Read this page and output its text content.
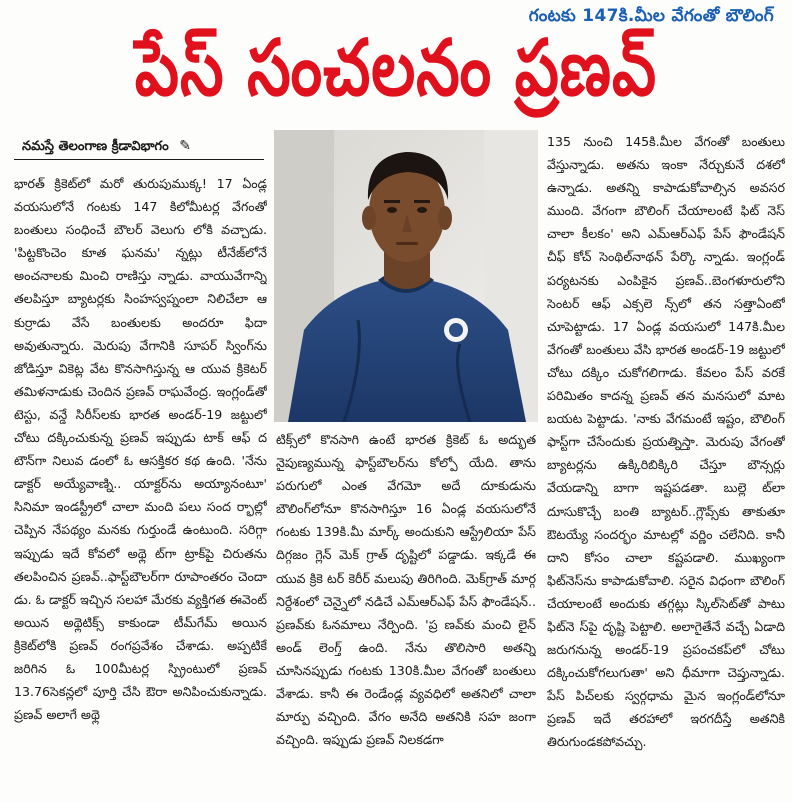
గంటకు 147కి.మీల వేగంతో బౌలింగ్
పేస్ సంచలనం ప్రణవ్
నమస్తే తెలంగాణ క్రీడావిభాగం ✎

భారత్ క్రికెట్‌లో మరో తురుపుముక్క! 17 ఏండ్ల వయసులోనే గంటకు 147 కిలోమీటర్ల వేగంతో బంతులు సంధించే బౌలర్ వెలుగు లోకి వచ్చాడు. 'పిట్టకొంచెం కూత ఘనమ' న్నట్లు టీనేజ్‌లోనే అంచనాలకు మించి రాణిస్తు న్నాడు. వాయువేగాన్ని తలపిస్తూ బ్యాటర్లకు సింహస్వప్నంలా నిలిచేలా ఆ కుర్రాడు వేసే బంతులకు అందరూ ఫిదా అవుతున్నారు. మెరుపు వేగానికి సూపర్ స్వింగ్‌ను జోడిస్తూ వికెట్ల వేట కొనసాగిస్తున్న ఆ యువ క్రికెటర్ తమిళనాడుకు చెందిన ప్రణవ్ రాఘవేంద్ర. ఇంగ్లండ్‌తో టెస్టు, వన్డే సిరీస్‌లకు భారత అండర్-19 జట్టులో చోటు దక్కించుకున్న ప్రణవ్ ఇప్పుడు టాక్ ఆఫ్ ద టౌన్‌గా నిలువ డంలో ఓ ఆసక్తికర కథ ఉంది. 'నేను డాక్టర్ అయ్యేవాణ్ని.. యాక్టర్‌ను అయ్యానంటూ' సినిమా ఇండస్ట్రీలో చాలా మంది పలు సంద ర్భాల్లో చెప్పిన నేపథ్యం మనకు గుర్తుండే ఉంటుంది. సరిగ్గా ఇప్పుడు ఇదే కోవలో అథ్లె ట్‌గా ట్రాక్‌పై చిరుతను తలపించిన ప్రణవ్..ఫాస్ట్‌బౌలర్‌గా రూపాంతరం చెందా డు. ఓ డాక్టర్ ఇచ్చిన సలహా మేరకు వ్యక్తిగత ఈవెంట్ అయిన అథ్లెటిక్స్ కాకుండా టీమ్‌గేమ్ అయిన క్రికెట్‌లోకి ప్రణవ్ రంగప్రవేశం చేశాడు. అప్పటికే జరిగిన ఓ 100మీటర్ల స్ప్రింటులో ప్రణవ్ 13.76సెకన్లలో పూర్తి చేసి ఔరా అనిపించుకున్నాడు. ప్రణవ్ అలాగే అథ్లె

టిక్స్‌లో కొనసాగి ఉంటే భారత క్రికెట్ ఓ అద్భుత నైపుణ్యమున్న ఫాస్ట్‌బౌలర్‌ను కోల్పో యేది. తాను పరుగులో ఎంత వేగమో అదే దూకుడును బౌలింగ్‌లోనూ కొనసాగిస్తూ 16 ఏండ్ల వయసులోనే గంటకు 139కి.మీ మార్క్ అందుకుని ఆస్ట్రేలియా పేస్ దిగ్గజం గ్లెన్ మెక్ గ్రాత్ దృష్టిలో పడ్డాడు. ఇక్కడే ఈ యువ క్రికె టర్ కెరీర్ మలుపు తిరిగింది. మెక్‌గ్రాత్ మార్గ నిర్దేశంలో చెన్నైలో నడిచే ఎమ్‌ఆర్‌ఎఫ్ పేస్ ఫౌండేషన్.. ప్రణవ్‌కు ఓనమాలు నేర్పింది. 'ప్ర ణవ్‌కు మంచి లైన్ అండ్ లెంగ్త్ ఉంది. నేను తొలిసారి అతన్ని చూసినప్పుడు గంటకు 130కి.మీల వేగంతో బంతులు వేశాడు. కానీ ఈ రెండేండ్ల వ్యవధిలో అతనిలో చాలా మార్పు వచ్చింది. వేగం అనేది అతనికి సహ జంగా వచ్చింది. ఇప్పుడు ప్రణవ్ నిలకడగా

135 నుంచి 145కి.మీల వేగంతో బంతులు వేస్తున్నాడు. అతను ఇంకా నేర్చుకునే దశలో ఉన్నాడు. అతన్ని కాపాడుకోవాల్సిన అవసర ముంది. వేగంగా బౌలింగ్ చేయాలంటే ఫిట్ నెస్ చాలా కీలకం' అని ఎమ్‌ఆర్‌ఎఫ్ పేస్ ఫౌండేషన్ చీఫ్ కోచ్ సెంథిల్‌నాథన్ పేర్కొ న్నాడు. ఇంగ్లండ్ పర్యటనకు ఎంపికైన ప్రణవ్..బెంగళూరులోని సెంటర్ ఆఫ్ ఎక్సలె న్స్‌లో తన సత్తాఏంటో చూపెట్టాడు. 17 ఏండ్ల వయసులో 147కి.మీల వేగంతో బంతులు వేసి భారత అండర్-19 జట్టులో చోటు దక్కిం చుకోగలిగాడు. కేవలం పేస్ వరకే పరిమితం కాదన్న ప్రణవ్ తన మనసులో మాట బయట పెట్టాడు. 'నాకు వేగమంటే ఇష్టం, బౌలింగ్ ఫాస్ట్‌గా చేసేందుకు ప్రయత్నిస్తా. మెరుపు వేగంతో బ్యాటర్లను ఉక్కిరిబిక్కిరి చేస్తూ బౌన్సర్లు వేయడాన్ని బాగా ఇష్టపడతా. బుల్లె ట్‌లా దూసుకొచ్చే బంతి బ్యాటర్..గ్లౌవ్స్‌కు తాకుతూ ఔటయ్యే సందర్భం మాటల్లో వర్ణిం చలేనిది. కానీ దాని కోసం చాలా కష్టపడాలి. ముఖ్యంగా ఫిట్‌నెస్‌ను కాపాడుకోవాలి. సరైన విధంగా బౌలింగ్ చేయాలంటే అందుకు తగ్గట్లు స్కిల్‌సెట్‌తో పాటు ఫిట్‌నె స్‌పై దృష్టి పెట్టాలి. అలాగైతేనే వచ్చే ఏడాది జరుగనున్న అండర్-19 ప్రపంచకప్‌లో చోటు దక్కించుకోగలుగుతా' అని ధీమాగా చెప్తున్నాడు. పేస్ పిచ్‌లకు స్వర్గధామ మైన ఇంగ్లండ్‌లోనూ ప్రణవ్ ఇదే తరహాలో ఇరగదీస్తే అతనికి తిరుగుండకపోవచ్చు.
